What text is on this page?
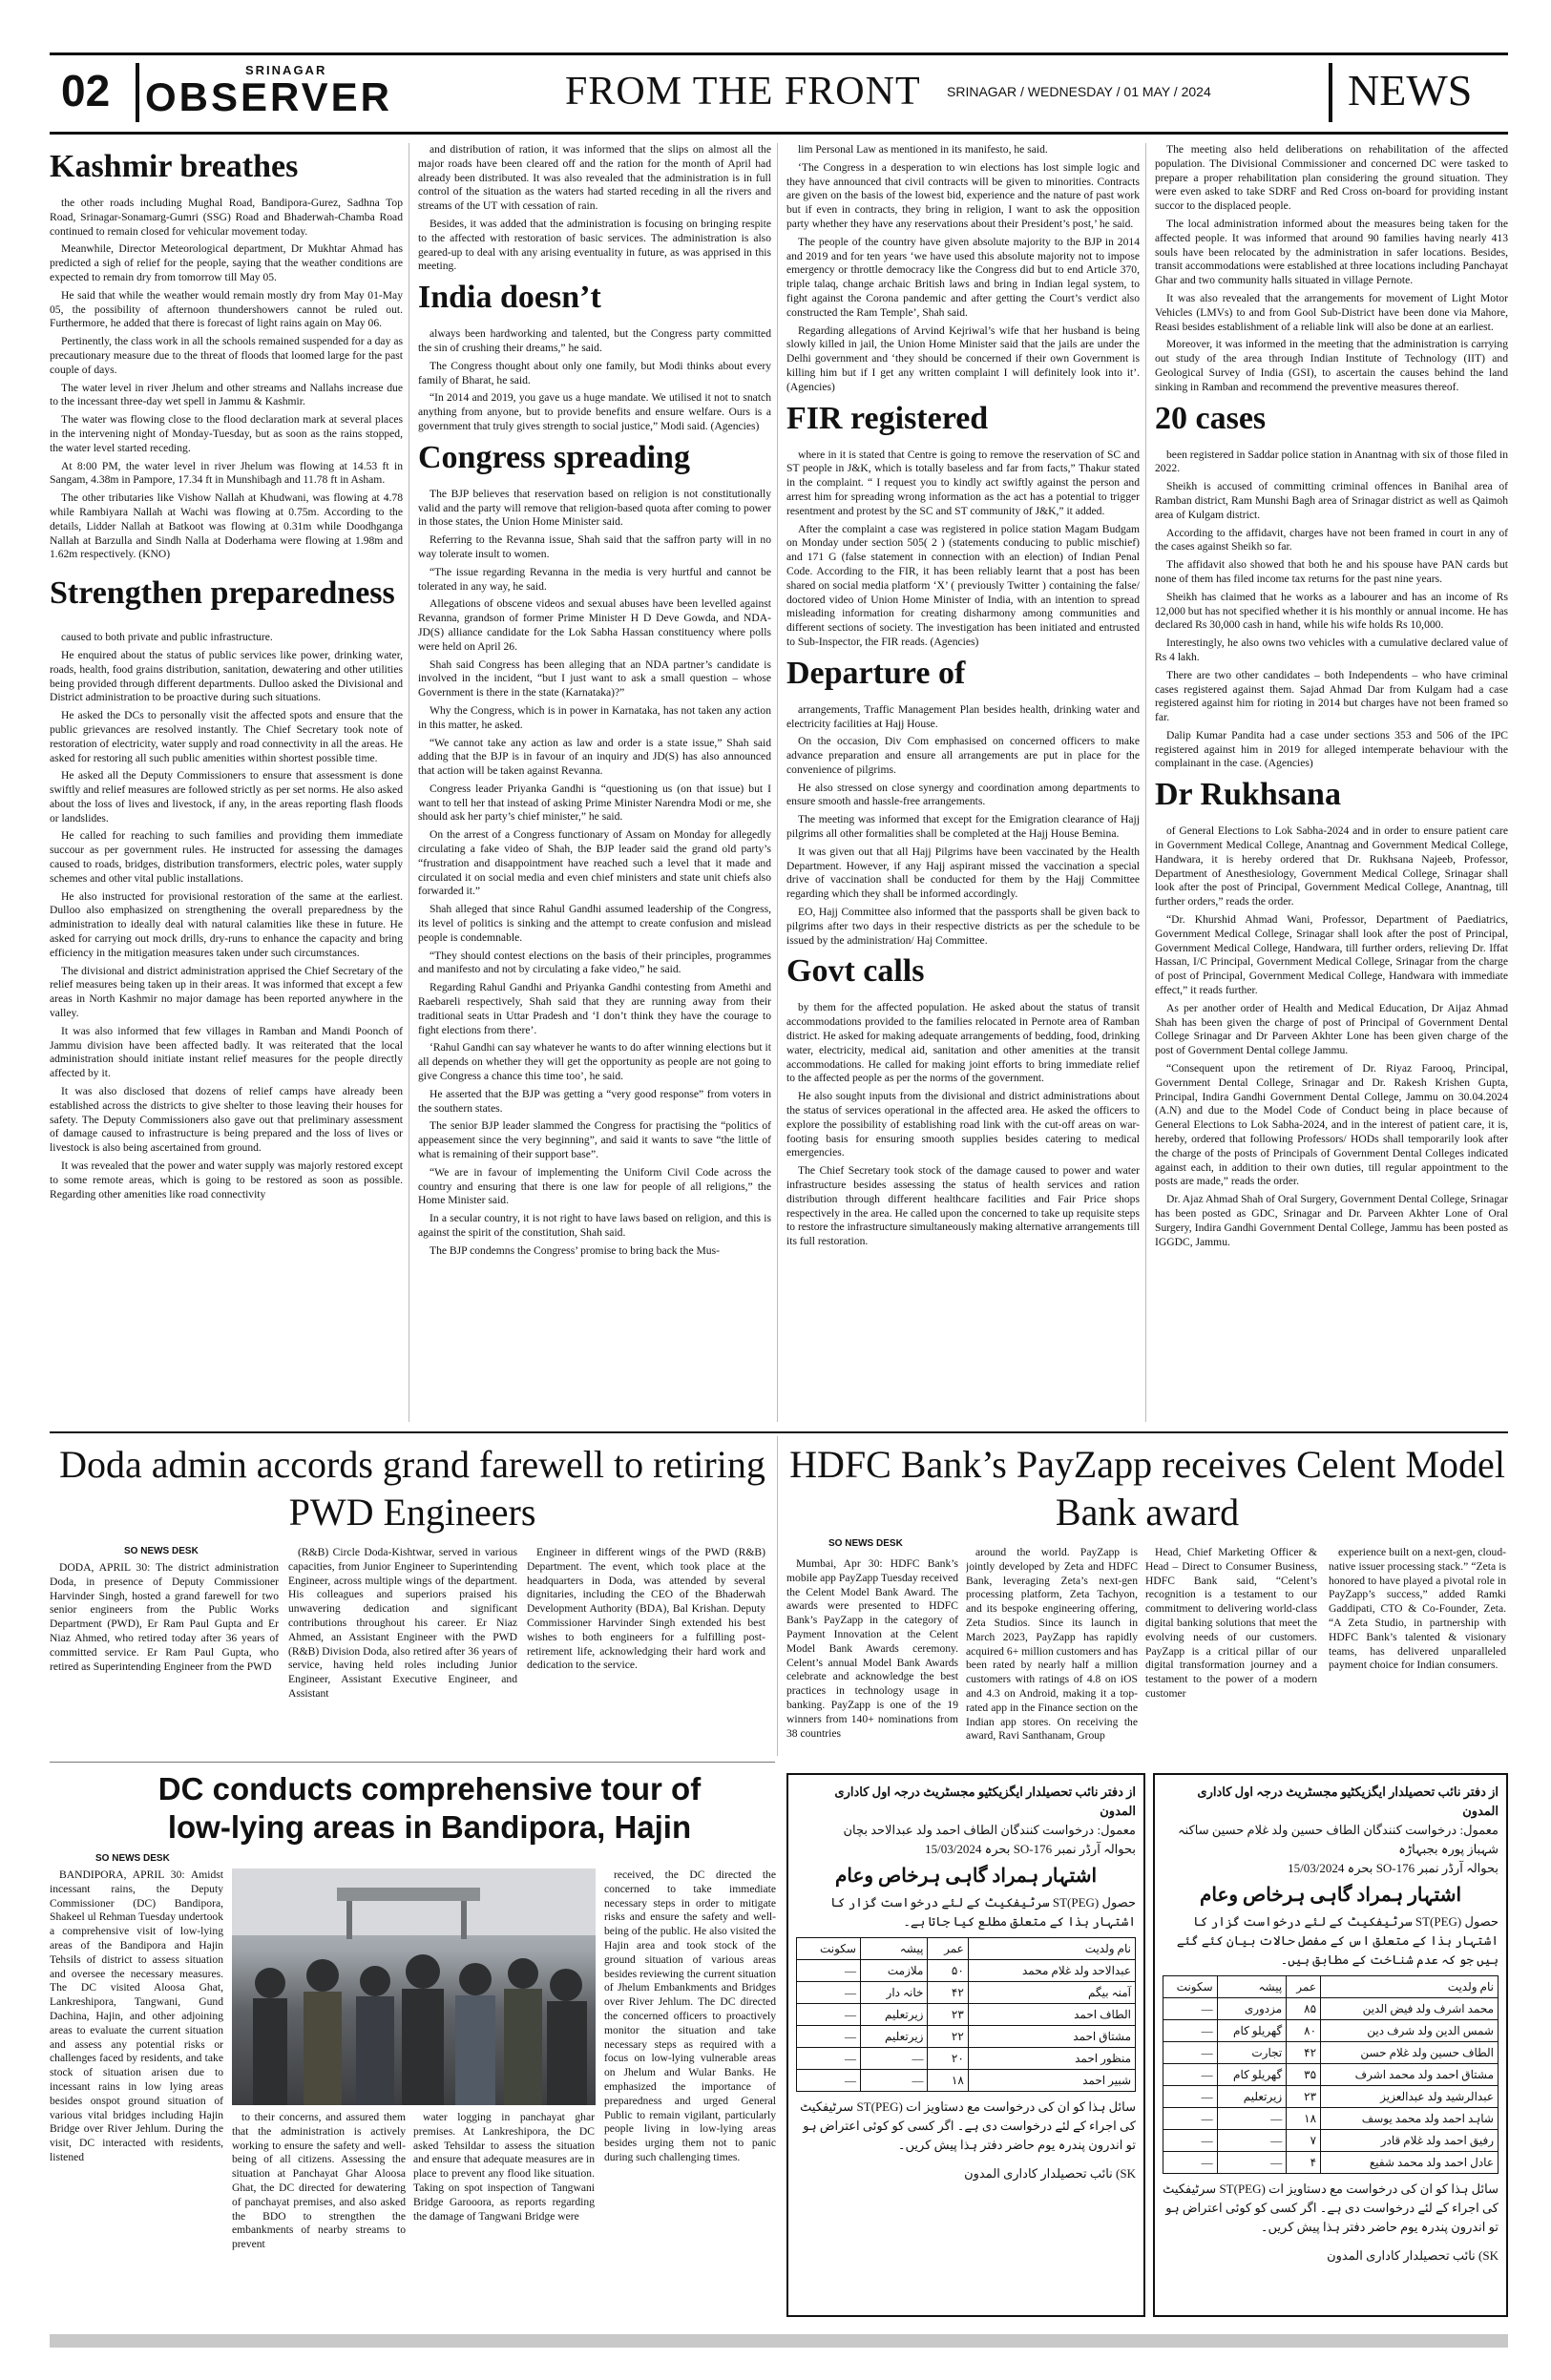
02	SRINAGAR
OBSERVER	FROM THE FRONT SRINAGAR / WEDNESDAY / 01 MAY / 2024	NEWS
Kashmir breathes

the other roads including Mughal Road, Bandipora-Gurez, Sadhna Top Road, Srinagar-Sonamarg-Gumri (SSG) Road and Bhaderwah-Chamba Road continued to remain closed for vehicular movement today.

Meanwhile, Director Meteorological department, Dr Mukhtar Ahmad has predicted a sigh of relief for the people, saying that the weather conditions are expected to remain dry from tomorrow till May 05.

He said that while the weather would remain mostly dry from May 01-May 05, the possibility of afternoon thundershowers cannot be ruled out. Furthermore, he added that there is forecast of light rains again on May 06.

Pertinently, the class work in all the schools remained suspended for a day as precautionary measure due to the threat of floods that loomed large for the past couple of days.

The water level in river Jhelum and other streams and Nallahs increase due to the incessant three-day wet spell in Jammu & Kashmir.

The water was flowing close to the flood declaration mark at several places in the intervening night of Monday-Tuesday, but as soon as the rains stopped, the water level started receding.

At 8:00 PM, the water level in river Jhelum was flowing at 14.53 ft in Sangam, 4.38m in Pampore, 17.34 ft in Munshibagh and 11.78 ft in Asham.

The other tributaries like Vishow Nallah at Khudwani, was flowing at 4.78 while Rambiyara Nallah at Wachi was flowing at 0.75m. According to the details, Lidder Nallah at Batkoot was flowing at 0.31m while Doodhganga Nallah at Barzulla and Sindh Nalla at Doderhama were flowing at 1.98m and 1.62m respectively. (KNO)

Strengthen preparedness

caused to both private and public infrastructure.

He enquired about the status of public services like power, drinking water, roads, health, food grains distribution, sanitation, dewatering and other utilities being provided through different departments. Dulloo asked the Divisional and District administration to be proactive during such situations.

He asked the DCs to personally visit the affected spots and ensure that the public grievances are resolved instantly. The Chief Secretary took note of restoration of electricity, water supply and road connectivity in all the areas. He asked for restoring all such public amenities within shortest possible time.

He asked all the Deputy Commissioners to ensure that assessment is done swiftly and relief measures are followed strictly as per set norms. He also asked about the loss of lives and livestock, if any, in the areas reporting flash floods or landslides.

He called for reaching to such families and providing them immediate succour as per government rules. He instructed for assessing the damages caused to roads, bridges, distribution transformers, electric poles, water supply schemes and other vital public installations.

He also instructed for provisional restoration of the same at the earliest. Dulloo also emphasized on strengthening the overall preparedness by the administration to ideally deal with natural calamities like these in future. He asked for carrying out mock drills, dry-runs to enhance the capacity and bring efficiency in the mitigation measures taken under such circumstances.

The divisional and district administration apprised the Chief Secretary of the relief measures being taken up in their areas. It was informed that except a few areas in North Kashmir no major damage has been reported anywhere in the valley.

It was also informed that few villages in Ramban and Mandi Poonch of Jammu division have been affected badly. It was reiterated that the local administration should initiate instant relief measures for the people directly affected by it.

It was also disclosed that dozens of relief camps have already been established across the districts to give shelter to those leaving their houses for safety. The Deputy Commissioners also gave out that preliminary assessment of damage caused to infrastructure is being prepared and the loss of lives or livestock is also being ascertained from ground.

It was revealed that the power and water supply was majorly restored except to some remote areas, which is going to be restored as soon as possible. Regarding other amenities like road connectivity

and distribution of ration, it was informed that the slips on almost all the major roads have been cleared off and the ration for the month of April had already been distributed. It was also revealed that the administration is in full control of the situation as the waters had started receding in all the rivers and streams of the UT with cessation of rain.

Besides, it was added that the administration is focusing on bringing respite to the affected with restoration of basic services. The administration is also geared-up to deal with any arising eventuality in future, as was apprised in this meeting.

India doesn’t

always been hardworking and talented, but the Congress party committed the sin of crushing their dreams,” he said.

The Congress thought about only one family, but Modi thinks about every family of Bharat, he said.

“In 2014 and 2019, you gave us a huge mandate. We utilised it not to snatch anything from anyone, but to provide benefits and ensure welfare. Ours is a government that truly gives strength to social justice,” Modi said. (Agencies)

Congress spreading

The BJP believes that reservation based on religion is not constitutionally valid and the party will remove that religion-based quota after coming to power in those states, the Union Home Minister said.

Referring to the Revanna issue, Shah said that the saffron party will in no way tolerate insult to women.

“The issue regarding Revanna in the media is very hurtful and cannot be tolerated in any way, he said.

Allegations of obscene videos and sexual abuses have been levelled against Revanna, grandson of former Prime Minister H D Deve Gowda, and NDA-JD(S) alliance candidate for the Lok Sabha Hassan constituency where polls were held on April 26.

Shah said Congress has been alleging that an NDA partner’s candidate is involved in the incident, “but I just want to ask a small question – whose Government is there in the state (Karnataka)?”

Why the Congress, which is in power in Karnataka, has not taken any action in this matter, he asked.

“We cannot take any action as law and order is a state issue,” Shah said adding that the BJP is in favour of an inquiry and JD(S) has also announced that action will be taken against Revanna.

Congress leader Priyanka Gandhi is “questioning us (on that issue) but I want to tell her that instead of asking Prime Minister Narendra Modi or me, she should ask her party’s chief minister,” he said.

On the arrest of a Congress functionary of Assam on Monday for allegedly circulating a fake video of Shah, the BJP leader said the grand old party’s “frustration and disappointment have reached such a level that it made and circulated it on social media and even chief ministers and state unit chiefs also forwarded it.”

Shah alleged that since Rahul Gandhi assumed leadership of the Congress, its level of politics is sinking and the attempt to create confusion and mislead people is condemnable.

“They should contest elections on the basis of their principles, programmes and manifesto and not by circulating a fake video,” he said.

Regarding Rahul Gandhi and Priyanka Gandhi contesting from Amethi and Raebareli respectively, Shah said that they are running away from their traditional seats in Uttar Pradesh and ‘I don’t think they have the courage to fight elections from there’.

‘Rahul Gandhi can say whatever he wants to do after winning elections but it all depends on whether they will get the opportunity as people are not going to give Congress a chance this time too’, he said.

He asserted that the BJP was getting a “very good response” from voters in the southern states.

The senior BJP leader slammed the Congress for practising the “politics of appeasement since the very beginning”, and said it wants to save “the little of what is remaining of their support base”.

“We are in favour of implementing the Uniform Civil Code across the country and ensuring that there is one law for people of all religions,” the Home Minister said.

In a secular country, it is not right to have laws based on religion, and this is against the spirit of the constitution, Shah said.

The BJP condemns the Congress’ promise to bring back the Mus-

lim Personal Law as mentioned in its manifesto, he said.

‘The Congress in a desperation to win elections has lost simple logic and they have announced that civil contracts will be given to minorities. Contracts are given on the basis of the lowest bid, experience and the nature of past work but if even in contracts, they bring in religion, I want to ask the opposition party whether they have any reservations about their President’s post,’ he said.

The people of the country have given absolute majority to the BJP in 2014 and 2019 and for ten years ‘we have used this absolute majority not to impose emergency or throttle democracy like the Congress did but to end Article 370, triple talaq, change archaic British laws and bring in Indian legal system, to fight against the Corona pandemic and after getting the Court’s verdict also constructed the Ram Temple’, Shah said.

Regarding allegations of Arvind Kejriwal’s wife that her husband is being slowly killed in jail, the Union Home Minister said that the jails are under the Delhi government and ‘they should be concerned if their own Government is killing him but if I get any written complaint I will definitely look into it’. (Agencies)

FIR registered

where in it is stated that Centre is going to remove the reservation of SC and ST people in J&K, which is totally baseless and far from facts,” Thakur stated in the complaint. “ I request you to kindly act swiftly against the person and arrest him for spreading wrong information as the act has a potential to trigger resentment and protest by the SC and ST community of J&K,” it added.

After the complaint a case was registered in police station Magam Budgam on Monday under section 505( 2 ) (statements conducing to public mischief) and 171 G (false statement in connection with an election) of Indian Penal Code. According to the FIR, it has been reliably learnt that a post has been shared on social media platform ‘X’ ( previously Twitter ) containing the false/ doctored video of Union Home Minister of India, with an intention to spread misleading information for creating disharmony among communities and different sections of society. The investigation has been initiated and entrusted to Sub-Inspector, the FIR reads. (Agencies)

Departure of

arrangements, Traffic Management Plan besides health, drinking water and electricity facilities at Hajj House.

On the occasion, Div Com emphasised on concerned officers to make advance preparation and ensure all arrangements are put in place for the convenience of pilgrims.

He also stressed on close synergy and coordination among departments to ensure smooth and hassle-free arrangements.

The meeting was informed that except for the Emigration clearance of Hajj pilgrims all other formalities shall be completed at the Hajj House Bemina.

It was given out that all Hajj Pilgrims have been vaccinated by the Health Department. However, if any Hajj aspirant missed the vaccination a special drive of vaccination shall be conducted for them by the Hajj Committee regarding which they shall be informed accordingly.

EO, Hajj Committee also informed that the passports shall be given back to pilgrims after two days in their respective districts as per the schedule to be issued by the administration/ Haj Committee.

Govt calls

by them for the affected population. He asked about the status of transit accommodations provided to the families relocated in Pernote area of Ramban district. He asked for making adequate arrangements of bedding, food, drinking water, electricity, medical aid, sanitation and other amenities at the transit accommodations. He called for making joint efforts to bring immediate relief to the affected people as per the norms of the government.

He also sought inputs from the divisional and district administrations about the status of services operational in the affected area. He asked the officers to explore the possibility of establishing road link with the cut-off areas on war-footing basis for ensuring smooth supplies besides catering to medical emergencies.

The Chief Secretary took stock of the damage caused to power and water infrastructure besides assessing the status of health services and ration distribution through different healthcare facilities and Fair Price shops respectively in the area. He called upon the concerned to take up requisite steps to restore the infrastructure simultaneously making alternative arrangements till its full restoration.

The meeting also held deliberations on rehabilitation of the affected population. The Divisional Commissioner and concerned DC were tasked to prepare a proper rehabilitation plan considering the ground situation. They were even asked to take SDRF and Red Cross on-board for providing instant succor to the displaced people.

The local administration informed about the measures being taken for the affected people. It was informed that around 90 families having nearly 413 souls have been relocated by the administration in safer locations. Besides, transit accommodations were established at three locations including Panchayat Ghar and two community halls situated in village Pernote.

It was also revealed that the arrangements for movement of Light Motor Vehicles (LMVs) to and from Gool Sub-District have been done via Mahore, Reasi besides establishment of a reliable link will also be done at an earliest.

Moreover, it was informed in the meeting that the administration is carrying out study of the area through Indian Institute of Technology (IIT) and Geological Survey of India (GSI), to ascertain the causes behind the land sinking in Ramban and recommend the preventive measures thereof.

20 cases

been registered in Saddar police station in Anantnag with six of those filed in 2022.

Sheikh is accused of committing criminal offences in Banihal area of Ramban district, Ram Munshi Bagh area of Srinagar district as well as Qaimoh area of Kulgam district.

According to the affidavit, charges have not been framed in court in any of the cases against Sheikh so far.

The affidavit also showed that both he and his spouse have PAN cards but none of them has filed income tax returns for the past nine years.

Sheikh has claimed that he works as a labourer and has an income of Rs 12,000 but has not specified whether it is his monthly or annual income. He has declared Rs 30,000 cash in hand, while his wife holds Rs 10,000.

Interestingly, he also owns two vehicles with a cumulative declared value of Rs 4 lakh.

There are two other candidates – both Independents – who have criminal cases registered against them. Sajad Ahmad Dar from Kulgam had a case registered against him for rioting in 2014 but charges have not been framed so far.

Dalip Kumar Pandita had a case under sections 353 and 506 of the IPC registered against him in 2019 for alleged intemperate behaviour with the complainant in the case. (Agencies)

Dr Rukhsana

of General Elections to Lok Sabha-2024 and in order to ensure patient care in Government Medical College, Anantnag and Government Medical College, Handwara, it is hereby ordered that Dr. Rukhsana Najeeb, Professor, Department of Anesthesiology, Government Medical College, Srinagar shall look after the post of Principal, Government Medical College, Anantnag, till further orders,” reads the order.

“Dr. Khurshid Ahmad Wani, Professor, Department of Paediatrics, Government Medical College, Srinagar shall look after the post of Principal, Government Medical College, Handwara, till further orders, relieving Dr. Iffat Hassan, I/C Principal, Government Medical College, Srinagar from the charge of post of Principal, Government Medical College, Handwara with immediate effect,” it reads further.

As per another order of Health and Medical Education, Dr Aijaz Ahmad Shah has been given the charge of post of Principal of Government Dental College Srinagar and Dr Parveen Akhter Lone has been given charge of the post of Government Dental college Jammu.

“Consequent upon the retirement of Dr. Riyaz Farooq, Principal, Government Dental College, Srinagar and Dr. Rakesh Krishen Gupta, Principal, Indira Gandhi Government Dental College, Jammu on 30.04.2024 (A.N) and due to the Model Code of Conduct being in place because of General Elections to Lok Sabha-2024, and in the interest of patient care, it is, hereby, ordered that following Professors/ HODs shall temporarily look after the charge of the posts of Principals of Government Dental Colleges indicated against each, in addition to their own duties, till regular appointment to the posts are made,” reads the order.

Dr. Ajaz Ahmad Shah of Oral Surgery, Government Dental College, Srinagar has been posted as GDC, Srinagar and Dr. Parveen Akhter Lone of Oral Surgery, Indira Gandhi Government Dental College, Jammu has been posted as IGGDC, Jammu.

Doda admin accords grand farewell to retiring PWD Engineers
SO NEWS DESK

DODA, APRIL 30: The district administration Doda, in presence of Deputy Commissioner Harvinder Singh, hosted a grand farewell for two senior engineers from the Public Works Department (PWD), Er Ram Paul Gupta and Er Niaz Ahmed, who retired today after 36 years of committed service. Er Ram Paul Gupta, who retired as Superintending Engineer from the PWD

(R&B) Circle Doda-Kishtwar, served in various capacities, from Junior Engineer to Superintending Engineer, across multiple wings of the department. His colleagues and superiors praised his unwavering dedication and significant contributions throughout his career. Er Niaz Ahmed, an Assistant Engineer with the PWD (R&B) Division Doda, also retired after 36 years of service, having held roles including Junior Engineer, Assistant Executive Engineer, and Assistant

Engineer in different wings of the PWD (R&B) Department. The event, which took place at the headquarters in Doda, was attended by several dignitaries, including the CEO of the Bhaderwah Development Authority (BDA), Bal Krishan. Deputy Commissioner Harvinder Singh extended his best wishes to both engineers for a fulfilling post-retirement life, acknowledging their hard work and dedication to the service.

HDFC Bank’s PayZapp receives Celent Model Bank award
SO NEWS DESK

Mumbai, Apr 30: HDFC Bank’s mobile app PayZapp Tuesday received the Celent Model Bank Award. The awards were presented to HDFC Bank’s PayZapp in the category of Payment Innovation at the Celent Model Bank Awards ceremony. Celent’s annual Model Bank Awards celebrate and acknowledge the best practices in technology usage in banking. PayZapp is one of the 19 winners from 140+ nominations from 38 countries

around the world. PayZapp is jointly developed by Zeta and HDFC Bank, leveraging Zeta’s next-gen processing platform, Zeta Tachyon, and its bespoke engineering offering, Zeta Studios. Since its launch in March 2023, PayZapp has rapidly acquired 6+ million customers and has been rated by nearly half a million customers with ratings of 4.8 on iOS and 4.3 on Android, making it a top-rated app in the Finance section on the Indian app stores. On receiving the award, Ravi Santhanam, Group

Head, Chief Marketing Officer & Head – Direct to Consumer Business, HDFC Bank said, “Celent’s recognition is a testament to our commitment to delivering world-class digital banking solutions that meet the evolving needs of our customers. PayZapp is a critical pillar of our digital transformation journey and a testament to the power of a modern customer

experience built on a next-gen, cloud-native issuer processing stack.” “Zeta is honored to have played a pivotal role in PayZapp’s success,” added Ramki Gaddipati, CTO & Co-Founder, Zeta. “A Zeta Studio, in partnership with HDFC Bank’s talented & visionary teams, has delivered unparalleled payment choice for Indian consumers.

DC conducts comprehensive tour of
low-lying areas in Bandipora, Hajin
SO NEWS DESK

BANDIPORA, APRIL 30: Amidst incessant rains, the Deputy Commissioner (DC) Bandipora, Shakeel ul Rehman Tuesday undertook a comprehensive visit of low-lying areas of the Bandipora and Hajin Tehsils of district to assess situation and oversee the necessary measures. The DC visited Aloosa Ghat, Lankreshipora, Tangwani, Gund Dachina, Hajin, and other adjoining areas to evaluate the current situation and assess any potential risks or challenges faced by residents, and take stock of situation arisen due to incessant rains in low lying areas besides onspot ground situation of various vital bridges including Hajin Bridge over River Jehlum. During the visit, DC interacted with residents, listened

to their concerns, and assured them that the administration is actively working to ensure the safety and well-being of all citizens. Assessing the situation at Panchayat Ghar Aloosa Ghat, the DC directed for dewatering of panchayat premises, and also asked the BDO to strengthen the embankments of nearby streams to prevent

water logging in panchayat ghar premises. At Lankreshipora, the DC asked Tehsildar to assess the situation and ensure that adequate measures are in place to prevent any flood like situation. Taking on spot inspection of Tangwani Bridge Garooora, as reports regarding the damage of Tangwani Bridge were

received, the DC directed the concerned to take immediate necessary steps in order to mitigate risks and ensure the safety and well-being of the public. He also visited the Hajin area and took stock of the ground situation of various areas besides reviewing the current situation of Jhelum Embankments and Bridges over River Jehlum. The DC directed the concerned officers to proactively monitor the situation and take necessary steps as required with a focus on low-lying vulnerable areas on Jhelum and Wular Banks. He emphasized the importance of preparedness and urged General Public to remain vigilant, particularly people living in low-lying areas besides urging them not to panic during such challenging times.

از دفتر نائب تحصیلدار ایگزیکٹیو مجسٹریٹ درجہ اول کاداری المدون
معمول: درخواست کنندگان الطاف احمد ولد عبدالاحد بچان
بحوالہ آرڈر نمبر SO-176 بحرہ 15/03/2024
اشتہار ہمراد گاہی ہرخاص وعام
حصول ST(PEG) سرٹیفکیٹ کے لئے درخواست گزار کا اشتہار ہذا کے متعلق مطلع کیا جاتا ہے۔
نام ولدیت	عمر	پیشہ	سکونت
عبدالاحد ولد غلام محمد	۵۰	ملازمت	—
آمنہ بیگم	۴۲	خانہ دار	—
الطاف احمد	۲۳	زیرتعلیم	—
مشتاق احمد	۲۲	زیرتعلیم	—
منظور احمد	۲۰	—	—
شبیر احمد	۱۸	—	—
سائل ہذا کو ان کی درخواست مع دستاویز ات ST(PEG) سرٹیفکیٹ کی اجراء کے لئے درخواست دی ہے۔ اگر کسی کو کوئی اعتراض ہو تو اندرون پندرہ یوم حاضر دفتر ہذا پیش کریں۔
SK) نائب تحصیلدار کاداری المدون
از دفتر نائب تحصیلدار ایگزیکٹیو مجسٹریٹ درجہ اول کاداری المدون
معمول: درخواست کنندگان الطاف حسین ولد غلام حسین ساکنہ شہباز پورہ بجبہاڑہ
بحوالہ آرڈر نمبر SO-176 بحرہ 15/03/2024
اشتہار ہمراد گاہی ہرخاص وعام
حصول ST(PEG) سرٹیفکیٹ کے لئے درخواست گزار کا اشتہار ہذا کے متعلق اس کے مفصل حالات بیان کئے گئے ہیں جو کہ عدم شناخت کے مطابق ہیں۔
نام ولدیت	عمر	پیشہ	سکونت
محمد اشرف ولد فیض الدین	۸۵	مزدوری	—
شمس الدین ولد شرف دین	۸۰	گھریلو کام	—
الطاف حسین ولد غلام حسن	۴۲	تجارت	—
مشتاق احمد ولد محمد اشرف	۳۵	گھریلو کام	—
عبدالرشید ولد عبدالعزیز	۲۳	زیرتعلیم	—
شاہد احمد ولد محمد یوسف	۱۸	—	—
رفیق احمد ولد غلام قادر	۷	—	—
عادل احمد ولد محمد شفیع	۴	—	—
سائل ہذا کو ان کی درخواست مع دستاویز ات ST(PEG) سرٹیفکیٹ کی اجراء کے لئے درخواست دی ہے۔ اگر کسی کو کوئی اعتراض ہو تو اندرون پندرہ یوم حاضر دفتر ہذا پیش کریں۔
SK) نائب تحصیلدار کاداری المدون
